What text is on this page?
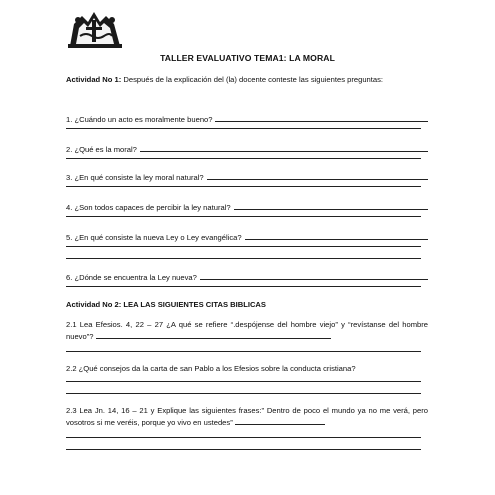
TALLER EVALUATIVO TEMA1: LA MORAL
Actividad No 1: Después de la explicación del (la) docente conteste las siguientes preguntas:
1. ¿Cuándo un acto es moralmente bueno?
2. ¿Qué es la moral?
3. ¿En qué consiste la ley moral natural?
4. ¿Son todos capaces de percibir la ley natural?
5. ¿En qué consiste la nueva Ley o Ley evangélica?
6. ¿Dónde se encuentra la Ley nueva?
Actividad No 2: LEA LAS SIGUIENTES CITAS BIBLICAS
2.1 Lea Efesios. 4, 22 – 27 ¿A qué se refiere “.despójense del hombre viejo” y “revístanse del hombre nuevo”?
2.2 ¿Qué consejos da la carta de san Pablo a los Efesios sobre la conducta cristiana?
2.3 Lea Jn. 14, 16 – 21 y Explique las siguientes frases:” Dentro de poco el mundo ya no me verá, pero vosotros si me veréis, porque yo vivo en ustedes”
